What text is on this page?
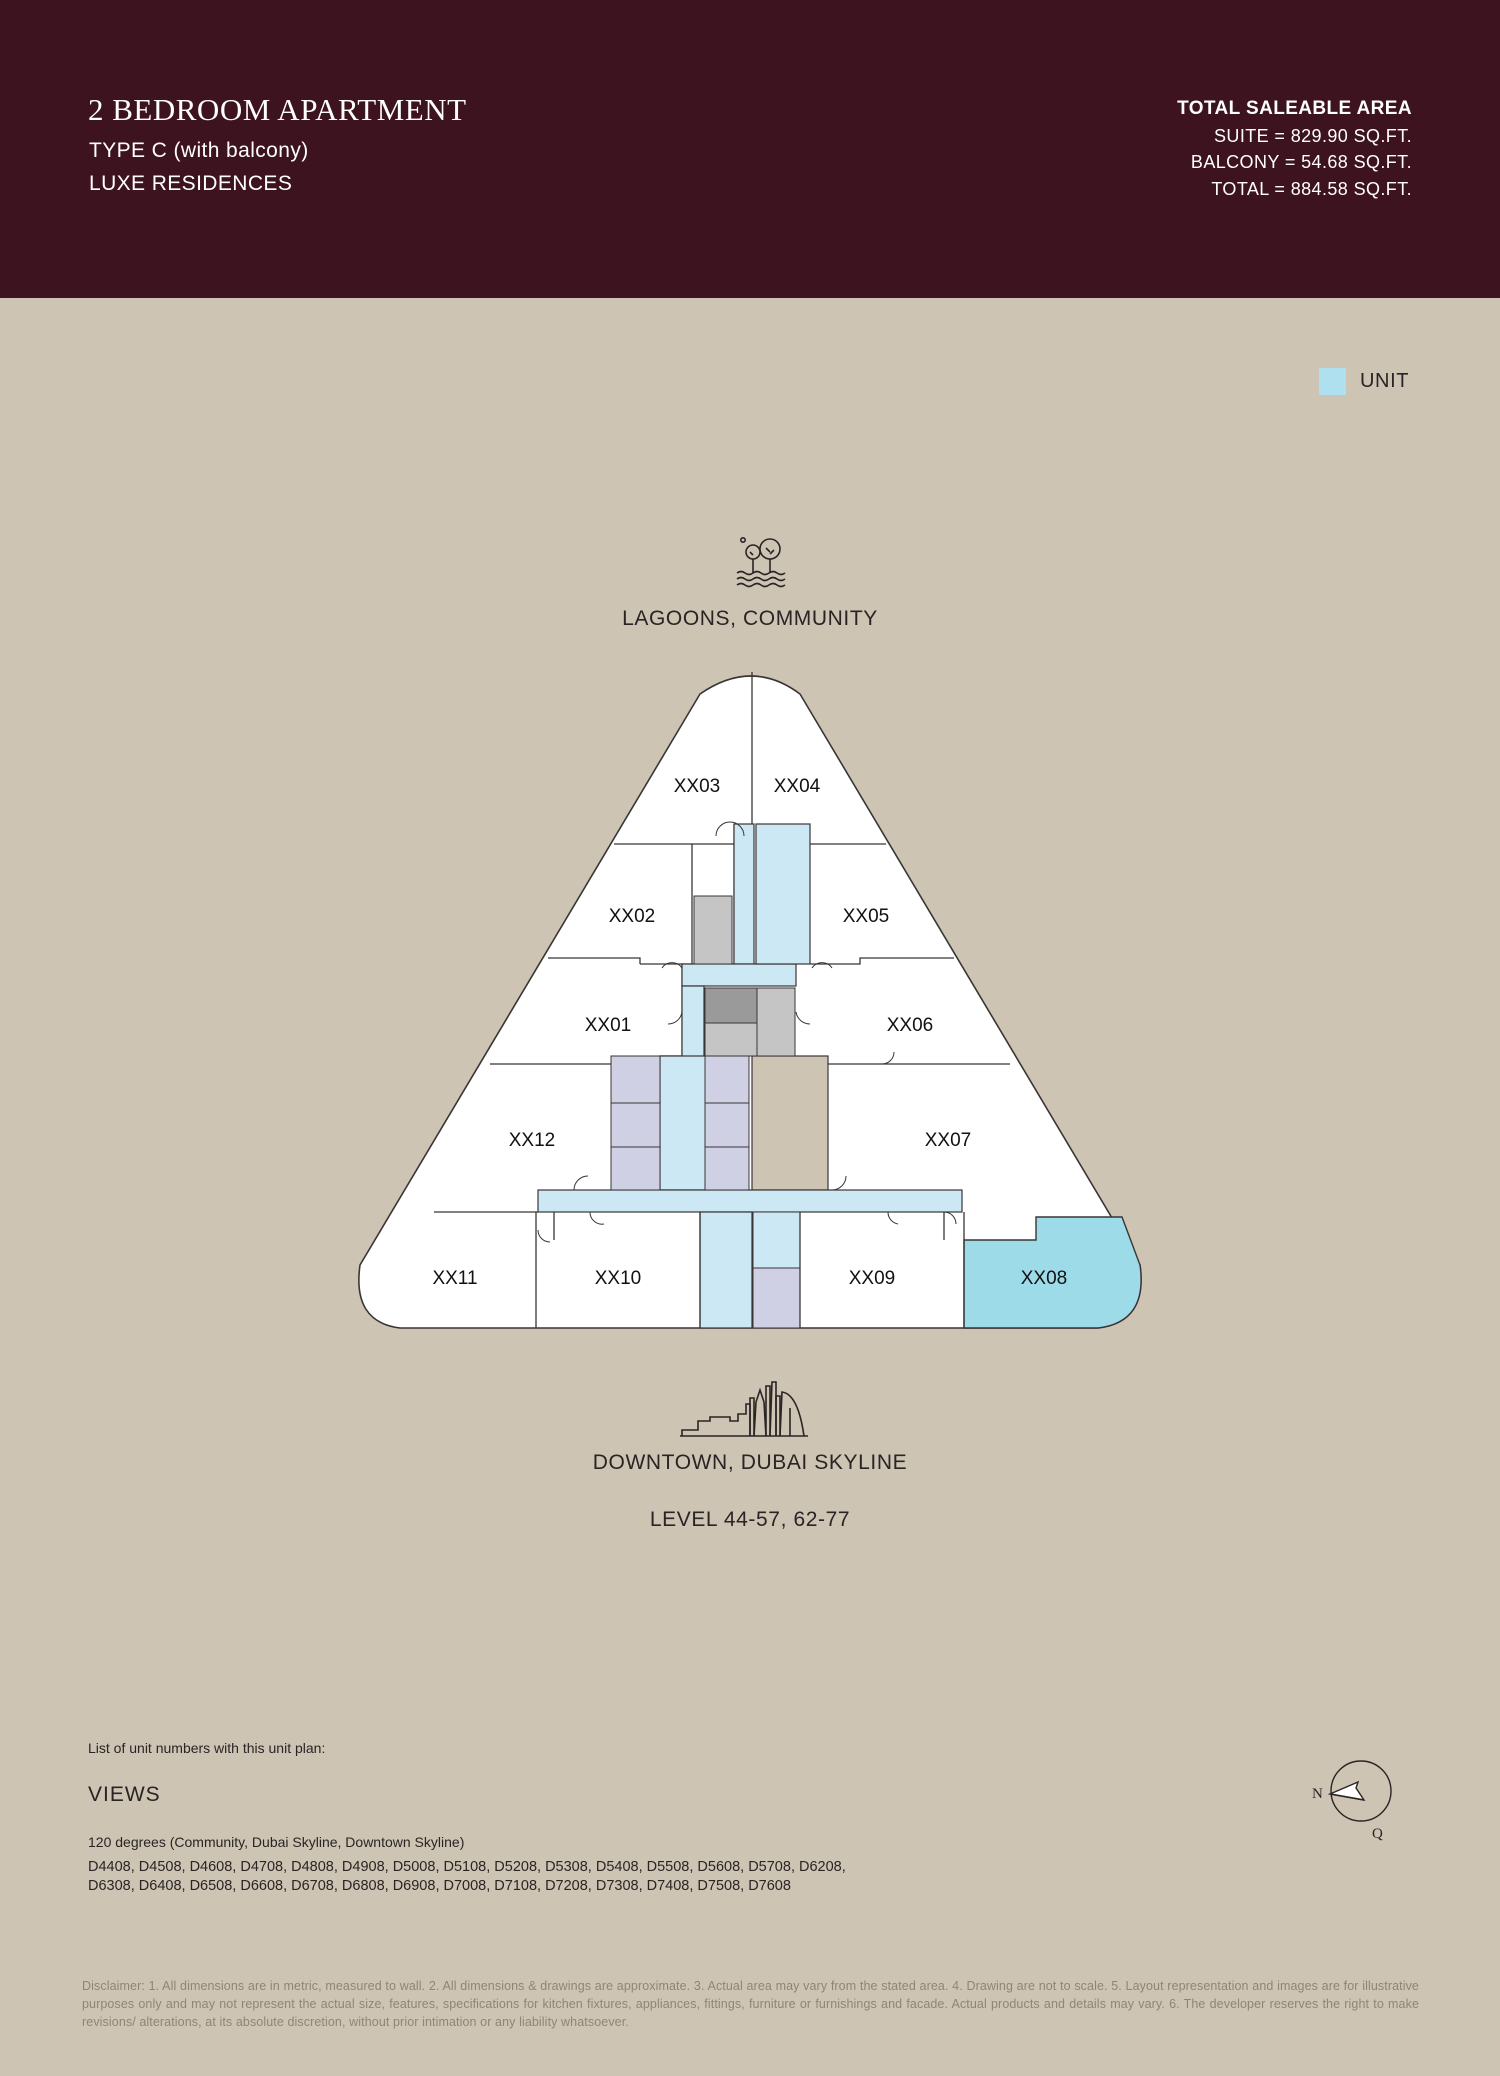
2 BEDROOM APARTMENT
TYPE C (with balcony)
LUXE RESIDENCES
TOTAL SALEABLE AREA
SUITE = 829.90 SQ.FT.
BALCONY = 54.68 SQ.FT.
TOTAL = 884.58 SQ.FT.
UNIT
LAGOONS, COMMUNITY
XX01
XX02
XX03	XX04
XX05
XX06
XX07
XX08
XX09
XX10
XX11
XX12
DOWNTOWN, DUBAI SKYLINE
LEVEL 44-57, 62-77
List of unit numbers with this unit plan:
VIEWS
120 degrees (Community, Dubai Skyline, Downtown Skyline)
D4408, D4508, D4608, D4708, D4808, D4908, D5008, D5108, D5208, D5308, D5408, D5508, D5608, D5708, D6208, D6308, D6408, D6508, D6608, D6708, D6808, D6908, D7008, D7108, D7208, D7308, D7408, D7508, D7608
N
Q
Disclaimer: 1. All dimensions are in metric, measured to wall. 2. All dimensions & drawings are approximate. 3. Actual area may vary from the stated area. 4. Drawing are not to scale. 5. Layout representation and images are for illustrative purposes only and may not represent the actual size, features, specifications for kitchen fixtures, appliances, fittings, furniture or furnishings and facade. Actual products and details may vary. 6. The developer reserves the right to make revisions/ alterations, at its absolute discretion, without prior intimation or any liability whatsoever.
